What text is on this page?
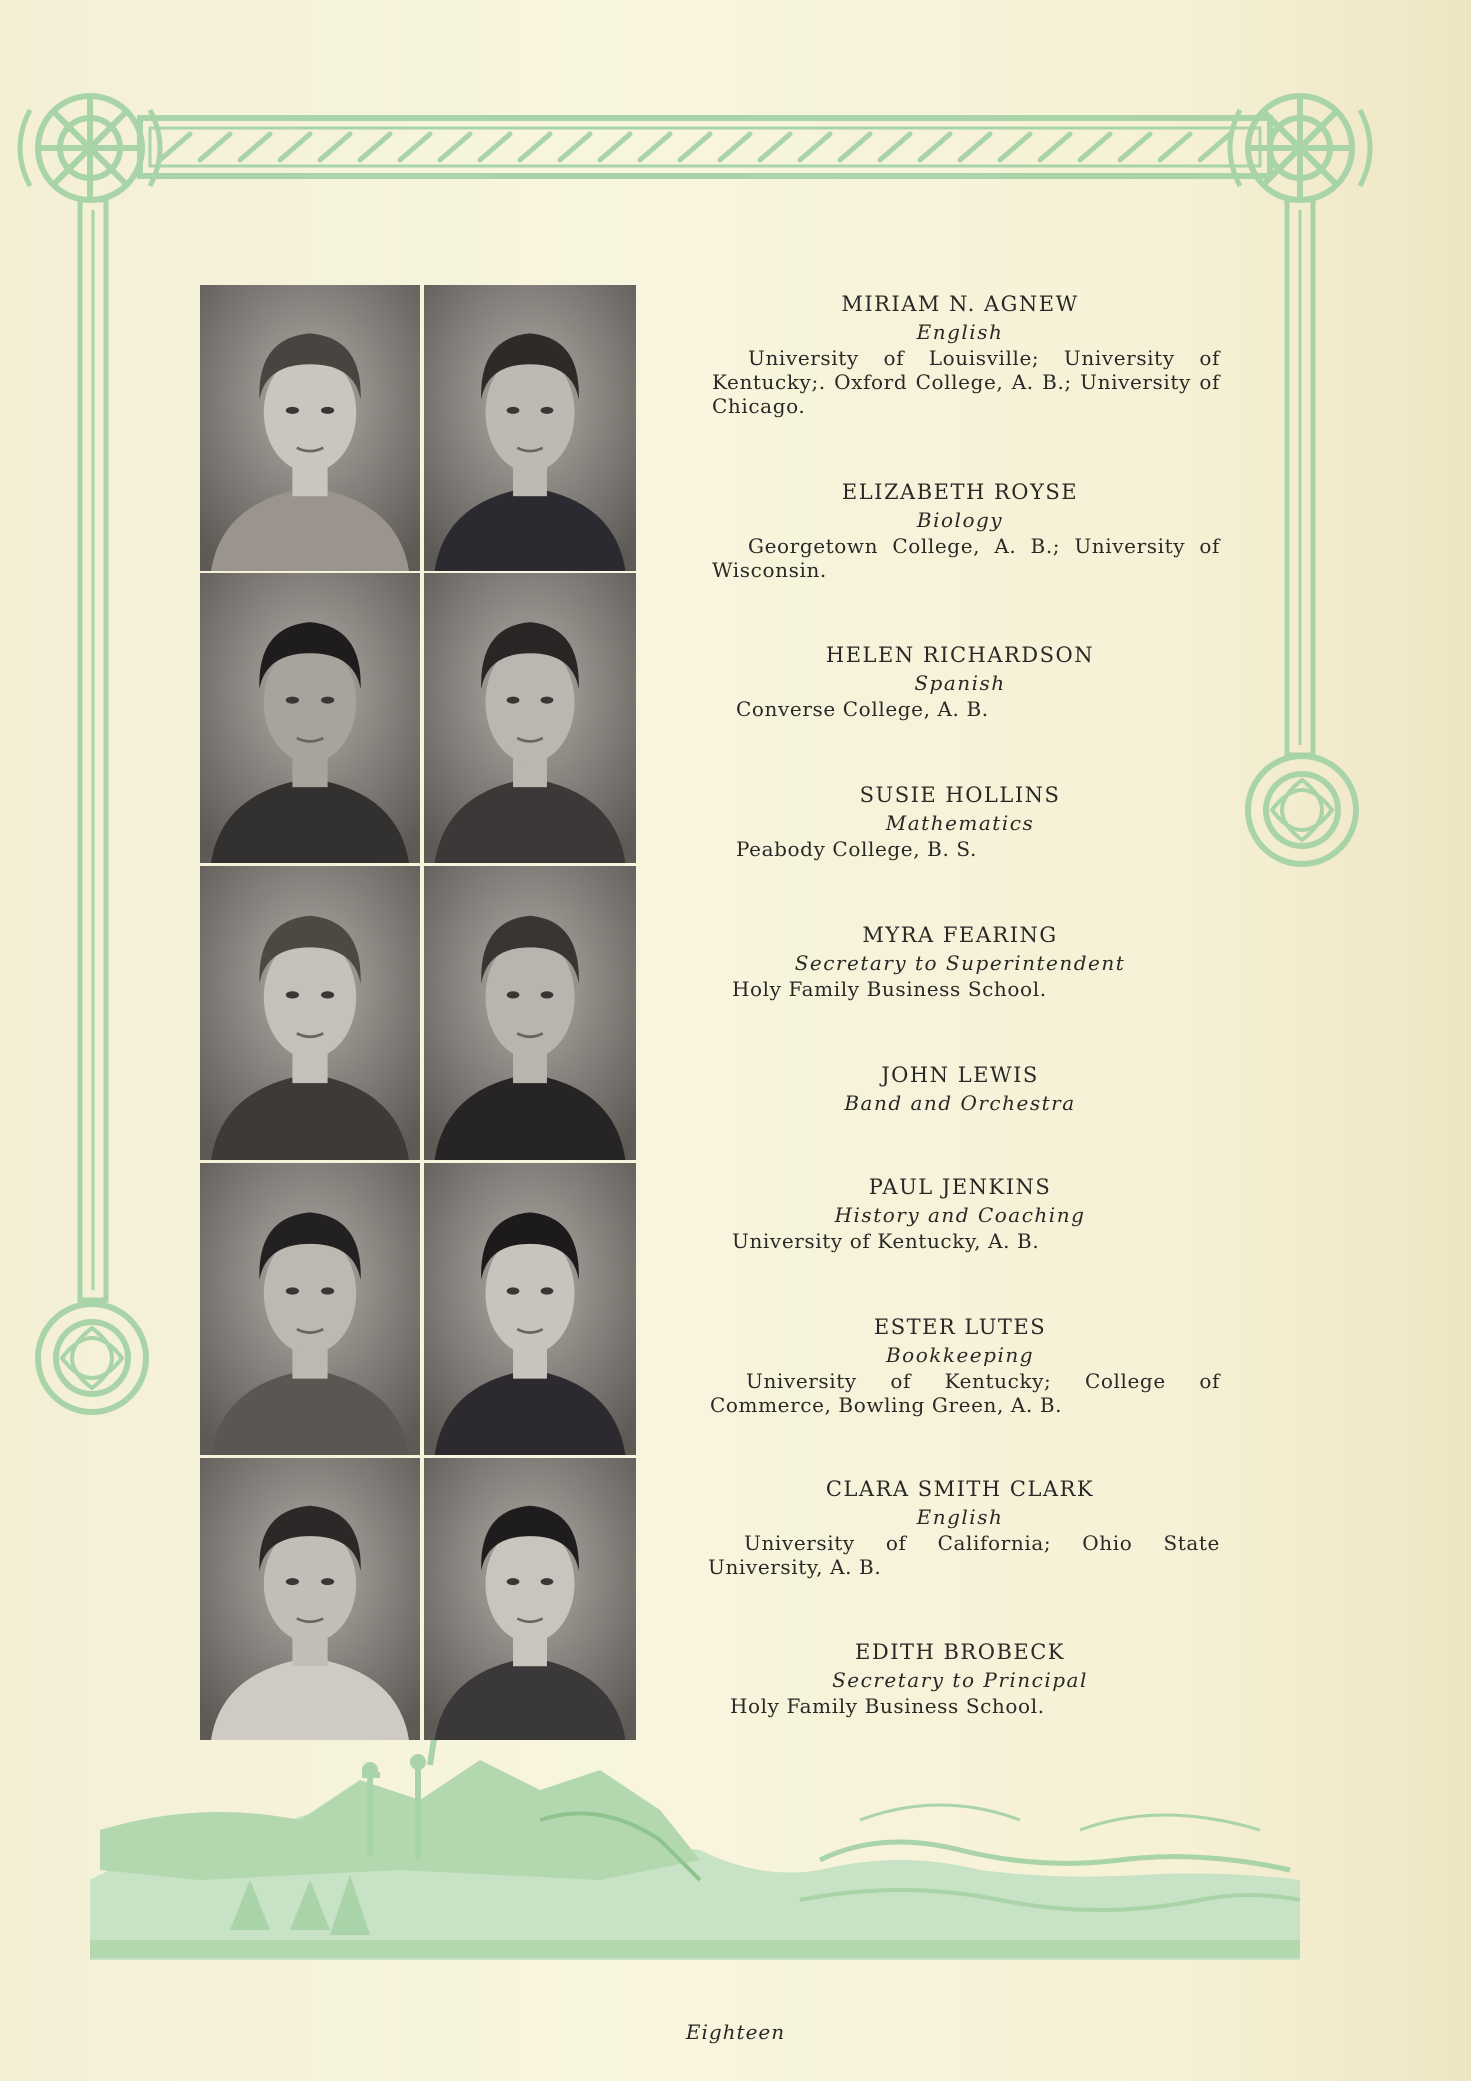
MIRIAM N. AGNEW
English
University of Louisville; University of Kentucky;. Oxford College, A. B.; University of Chicago.
ELIZABETH ROYSE
Biology
Georgetown College, A. B.; University of Wisconsin.
HELEN RICHARDSON
Spanish
Converse College, A. B.
SUSIE HOLLINS
Mathematics
Peabody College, B. S.
MYRA FEARING
Secretary to Superintendent
Holy Family Business School.
JOHN LEWIS
Band and Orchestra
PAUL JENKINS
History and Coaching
University of Kentucky, A. B.
ESTER LUTES
Bookkeeping
University of Kentucky; College of Commerce, Bowling Green, A. B.
CLARA SMITH CLARK
English
University of California; Ohio State University, A. B.
EDITH BROBECK
Secretary to Principal
Holy Family Business School.
Eighteen
